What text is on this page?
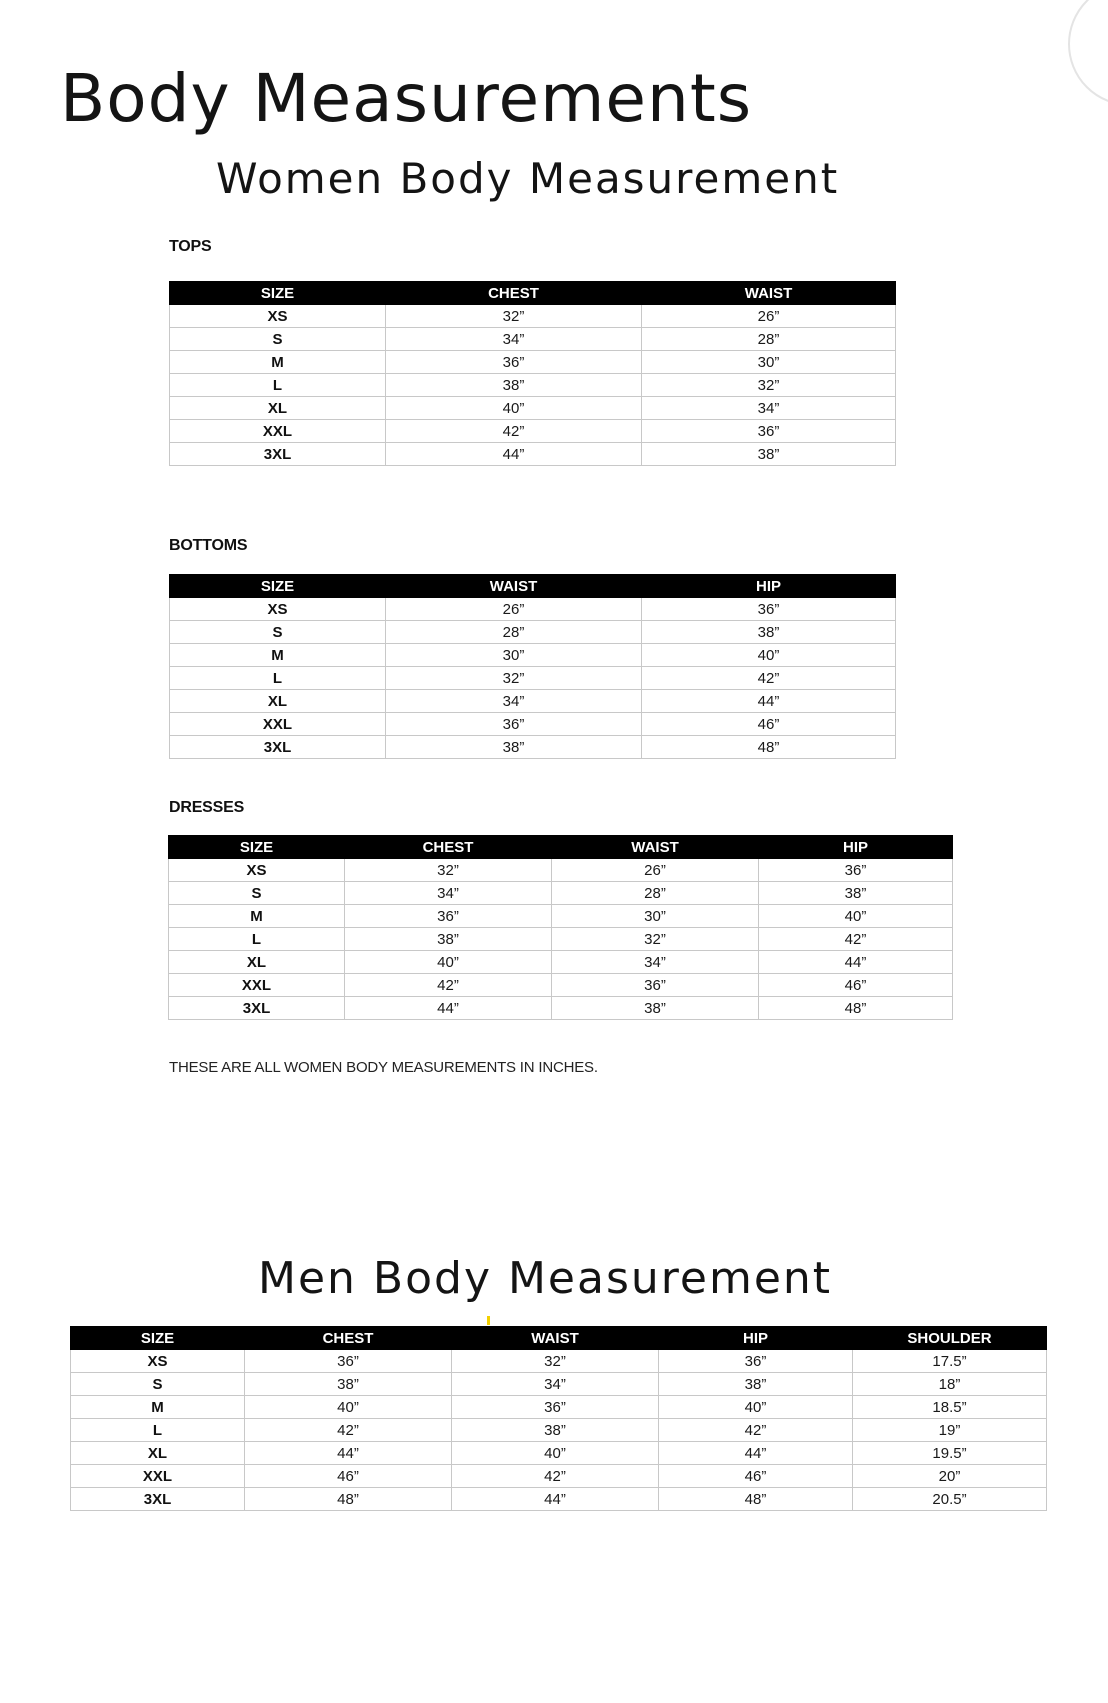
Body Measurements
Women Body Measurement

TOPS

SIZE	CHEST	WAIST
XS	32”	26”
S	34”	28”
M	36”	30”
L	38”	32”
XL	40”	34”
XXL	42”	36”
3XL	44”	38”

BOTTOMS

SIZE	WAIST	HIP
XS	26”	36”
S	28”	38”
M	30”	40”
L	32”	42”
XL	34”	44”
XXL	36”	46”
3XL	38”	48”

DRESSES

SIZE	CHEST	WAIST	HIP
XS	32”	26”	36”
S	34”	28”	38”
M	36”	30”	40”
L	38”	32”	42”
XL	40”	34”	44”
XXL	42”	36”	46”
3XL	44”	38”	48”

THESE ARE ALL WOMEN BODY MEASUREMENTS IN INCHES.

Men Body Measurement
SIZE	CHEST	WAIST	HIP	SHOULDER
XS	36”	32”	36”	17.5”
S	38”	34”	38”	18”
M	40”	36”	40”	18.5”
L	42”	38”	42”	19”
XL	44”	40”	44”	19.5”
XXL	46”	42”	46”	20”
3XL	48”	44”	48”	20.5”
